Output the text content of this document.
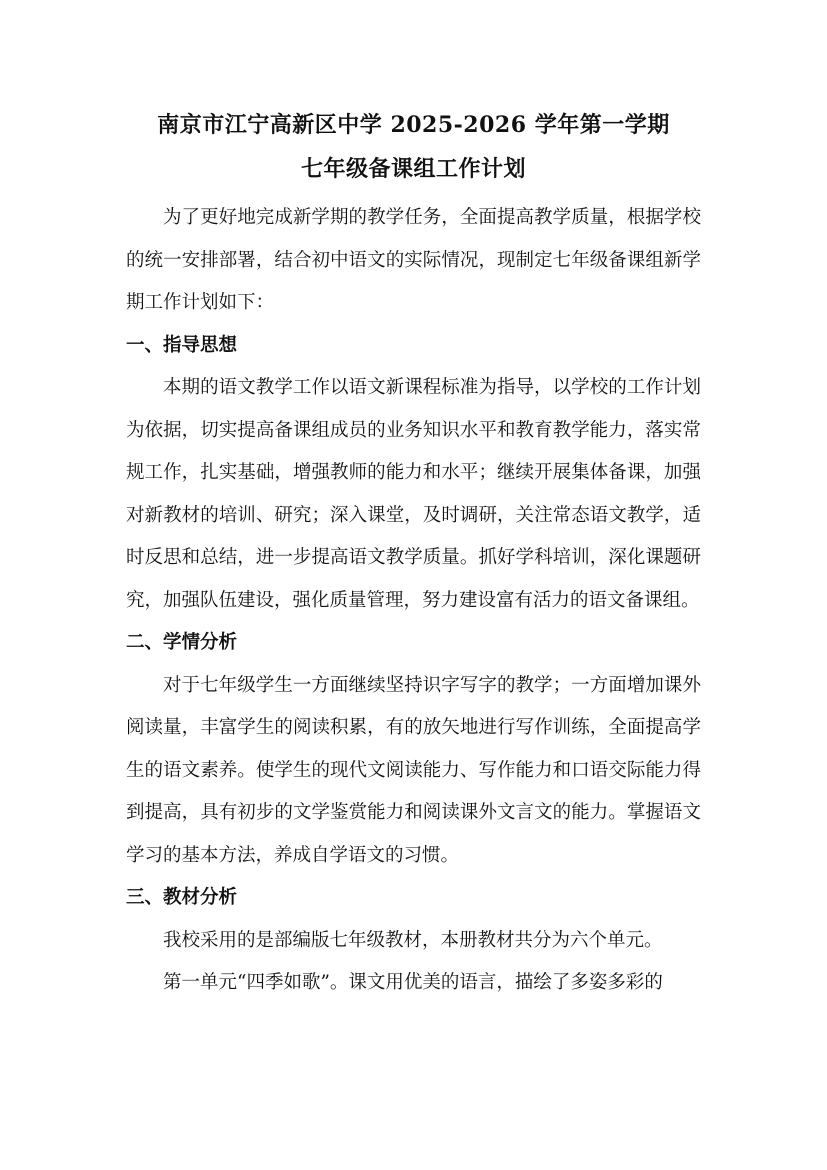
南京市江宁高新区中学 2025-2026 学年第一学期
七年级备课组工作计划

为了更好地完成新学期的教学任务，全面提高教学质量，根据学校的统一安排部署，结合初中语文的实际情况，现制定七年级备课组新学期工作计划如下：

一、指导思想

本期的语文教学工作以语文新课程标准为指导，以学校的工作计划为依据，切实提高备课组成员的业务知识水平和教育教学能力，落实常规工作，扎实基础，增强教师的能力和水平；继续开展集体备课，加强对新教材的培训、研究；深入课堂，及时调研，关注常态语文教学，适时反思和总结，进一步提高语文教学质量。抓好学科培训，深化课题研究，加强队伍建设，强化质量管理，努力建设富有活力的语文备课组。

二、学情分析

对于七年级学生一方面继续坚持识字写字的教学；一方面增加课外阅读量，丰富学生的阅读积累，有的放矢地进行写作训练，全面提高学生的语文素养。使学生的现代文阅读能力、写作能力和口语交际能力得到提高，具有初步的文学鉴赏能力和阅读课外文言文的能力。掌握语文学习的基本方法，养成自学语文的习惯。

三、教材分析

我校采用的是部编版七年级教材，本册教材共分为六个单元。

第一单元“四季如歌”。课文用优美的语言，描绘了多姿多彩的
